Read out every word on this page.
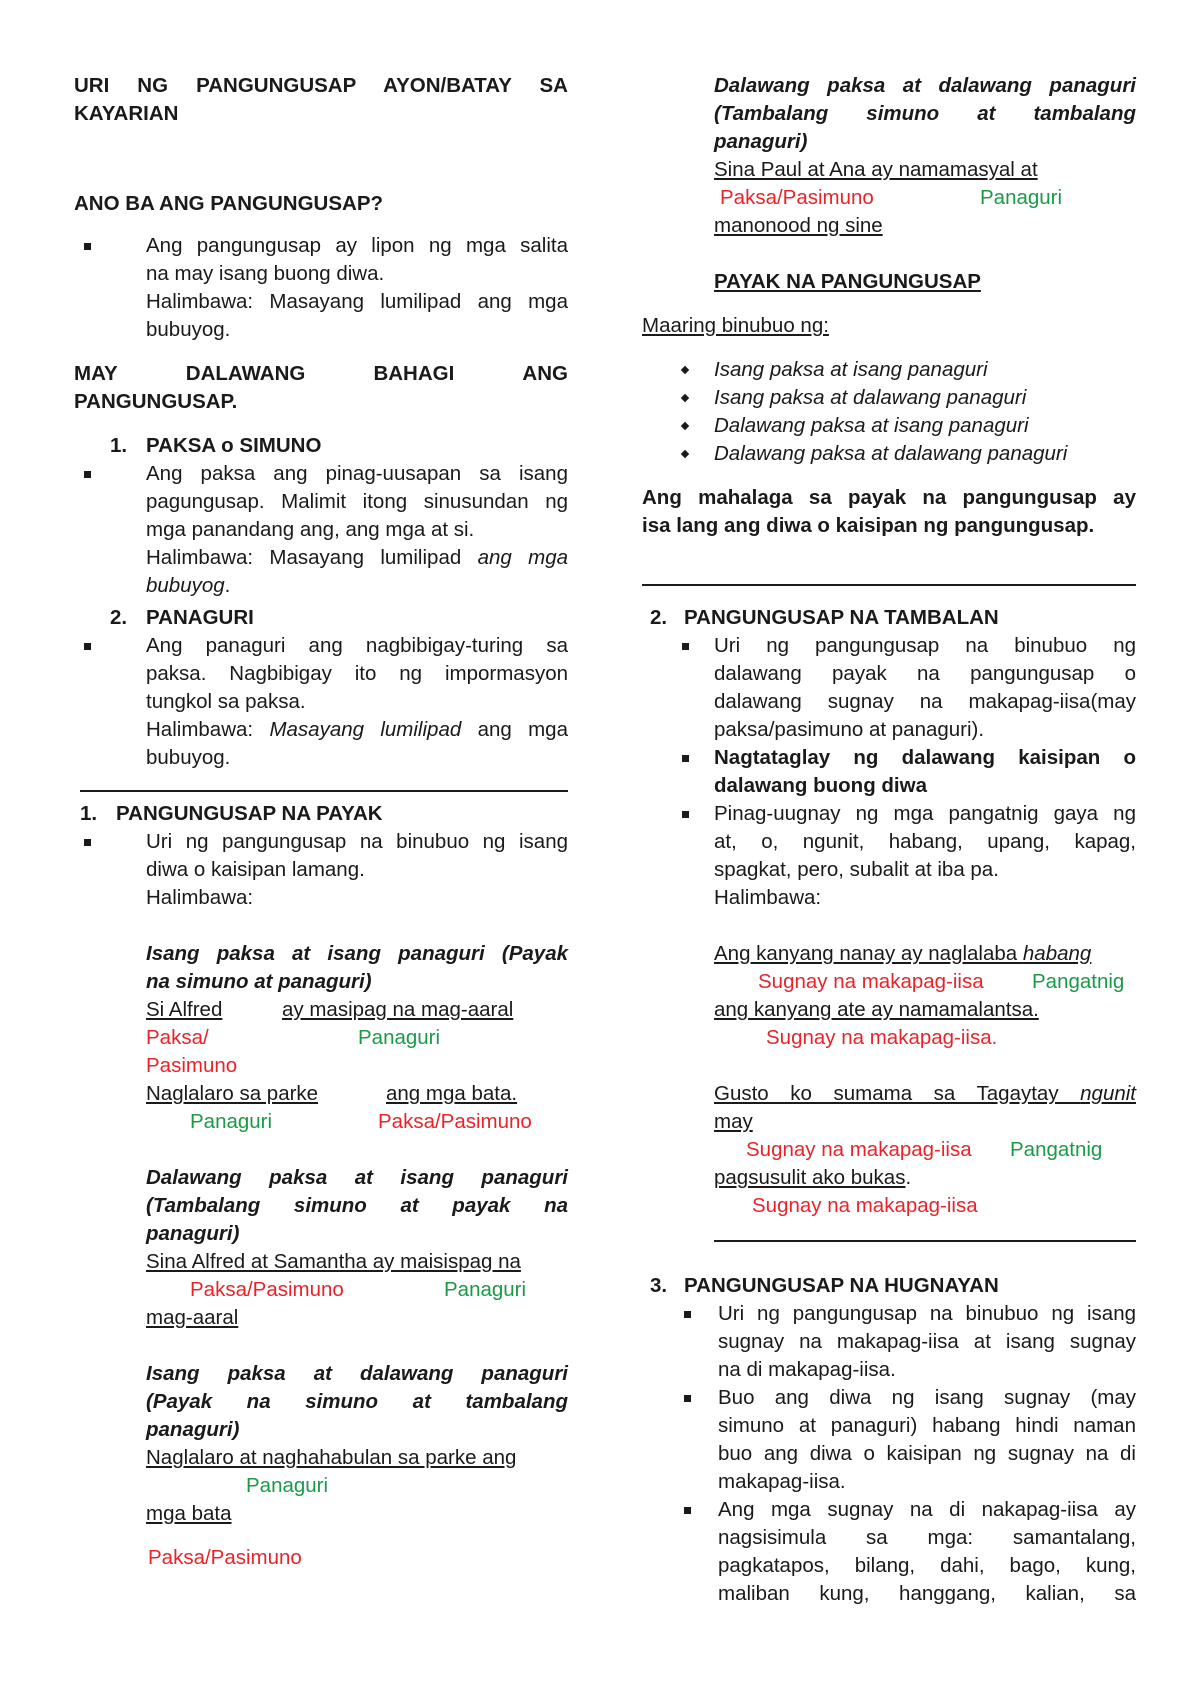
URI NG PANGUNGUSAP AYON/BATAY SA

KAYARIAN

ANO BA ANG PANGUNGUSAP?

Ang pangungusap ay lipon ng mga salita

na may isang buong diwa.

Halimbawa: Masayang lumilipad ang mga

bubuyog.

MAY	DALAWANG	BAHAGI	ANG

PANGUNGUSAP.

1. PAKSA o SIMUNO

Ang paksa ang pinag-uusapan sa isang

pagungusap. Malimit itong sinusundan ng

mga panandang ang, ang mga at si.

Halimbawa: Masayang lumilipad ang mga

bubuyog.

2. PANAGURI

Ang panaguri ang nagbibigay-turing sa

paksa. Nagbibigay ito ng impormasyon

tungkol sa paksa.

Halimbawa: Masayang lumilipad ang mga

bubuyog.

1. PANGUNGUSAP NA PAYAK

Uri ng pangungusap na binubuo ng isang

diwa o kaisipan lamang.

Halimbawa:

Isang paksa at isang panaguri (Payak

na simuno at panaguri)

Si Alfred	ay masipag na mag-aaral

Paksa/	Panaguri

Pasimuno

Naglalaro sa parke	ang mga bata.

Panaguri	Paksa/Pasimuno

Dalawang paksa at isang panaguri

(Tambalang simuno at payak na

panaguri)

Sina Alfred at Samantha ay maisispag na

Paksa/Pasimuno	Panaguri

mag-aaral

Isang paksa at dalawang panaguri

(Payak na simuno at tambalang

panaguri)

Naglalaro at naghahabulan sa parke ang

Panaguri

mga bata

Paksa/Pasimuno

Dalawang paksa at dalawang panaguri

(Tambalang simuno at tambalang

panaguri)

Sina Paul at Ana ay namamasyal at

Paksa/Pasimuno	Panaguri

manonood ng sine

PAYAK NA PANGUNGUSAP

Maaring binubuo ng:

Isang paksa at isang panaguri

Isang paksa at dalawang panaguri

Dalawang paksa at isang panaguri

Dalawang paksa at dalawang panaguri

Ang mahalaga sa payak na pangungusap ay

isa lang ang diwa o kaisipan ng pangungusap.

2. PANGUNGUSAP NA TAMBALAN

Uri ng pangungusap na binubuo ng

dalawang payak na pangungusap o

dalawang sugnay na makapag-iisa(may

paksa/pasimuno at panaguri).

Nagtataglay ng dalawang kaisipan o

dalawang buong diwa

Pinag-uugnay ng mga pangatnig gaya ng

at, o, ngunit, habang, upang, kapag,

spagkat, pero, subalit at iba pa.

Halimbawa:

Ang kanyang nanay ay naglalaba habang

Sugnay na makapag-iisa Pangatnig

ang kanyang ate ay namamalantsa.

Sugnay na makapag-iisa.

Gusto ko sumama sa Tagaytay ngunit

may

Sugnay na makapag-iisa Pangatnig

pagsusulit ako bukas.

Sugnay na makapag-iisa

3. PANGUNGUSAP NA HUGNAYAN

Uri ng pangungusap na binubuo ng isang

sugnay na makapag-iisa at isang sugnay

na di makapag-iisa.

Buo ang diwa ng isang sugnay (may

simuno at panaguri) habang hindi naman

buo ang diwa o kaisipan ng sugnay na di

makapag-iisa.

Ang mga sugnay na di nakapag-iisa ay

nagsisimula sa mga: samantalang,

pagkatapos, bilang, dahi, bago, kung,

maliban kung, hanggang, kalian, sa
